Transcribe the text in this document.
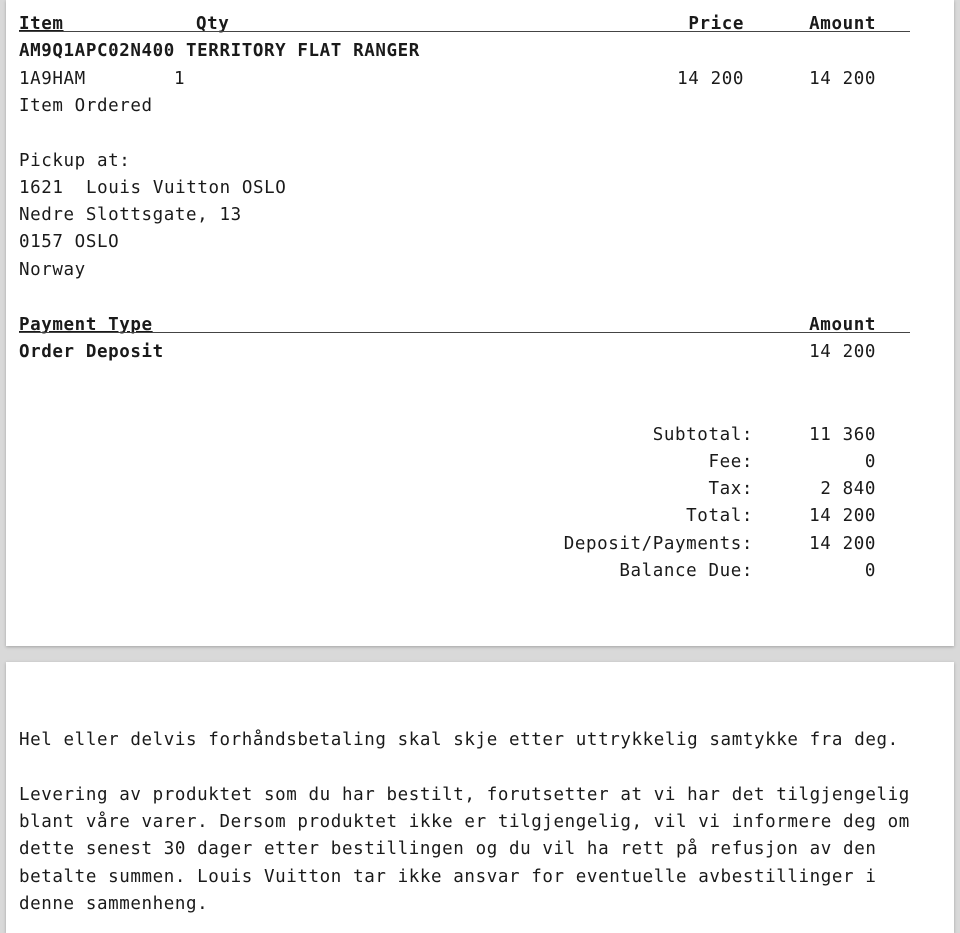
Item	Qty	Price	Amount
AM9Q1APC02N400 TERRITORY FLAT RANGER
1A9HAM	1	14 200	14 200
Item Ordered
Pickup at:
1621 Louis Vuitton OSLO
Nedre Slottsgate, 13
0157 OSLO
Norway
Payment Type	Amount
Order Deposit	14 200
Subtotal:	11 360
Fee:	0
Tax:	2 840
Total:	14 200
Deposit/Payments:	14 200
Balance Due:	0
Hel eller delvis forhåndsbetaling skal skje etter uttrykkelig samtykke fra deg.
Levering av produktet som du har bestilt, forutsetter at vi har det tilgjengelig
blant våre varer. Dersom produktet ikke er tilgjengelig, vil vi informere deg om
dette senest 30 dager etter bestillingen og du vil ha rett på refusjon av den
betalte summen. Louis Vuitton tar ikke ansvar for eventuelle avbestillinger i
denne sammenheng.
